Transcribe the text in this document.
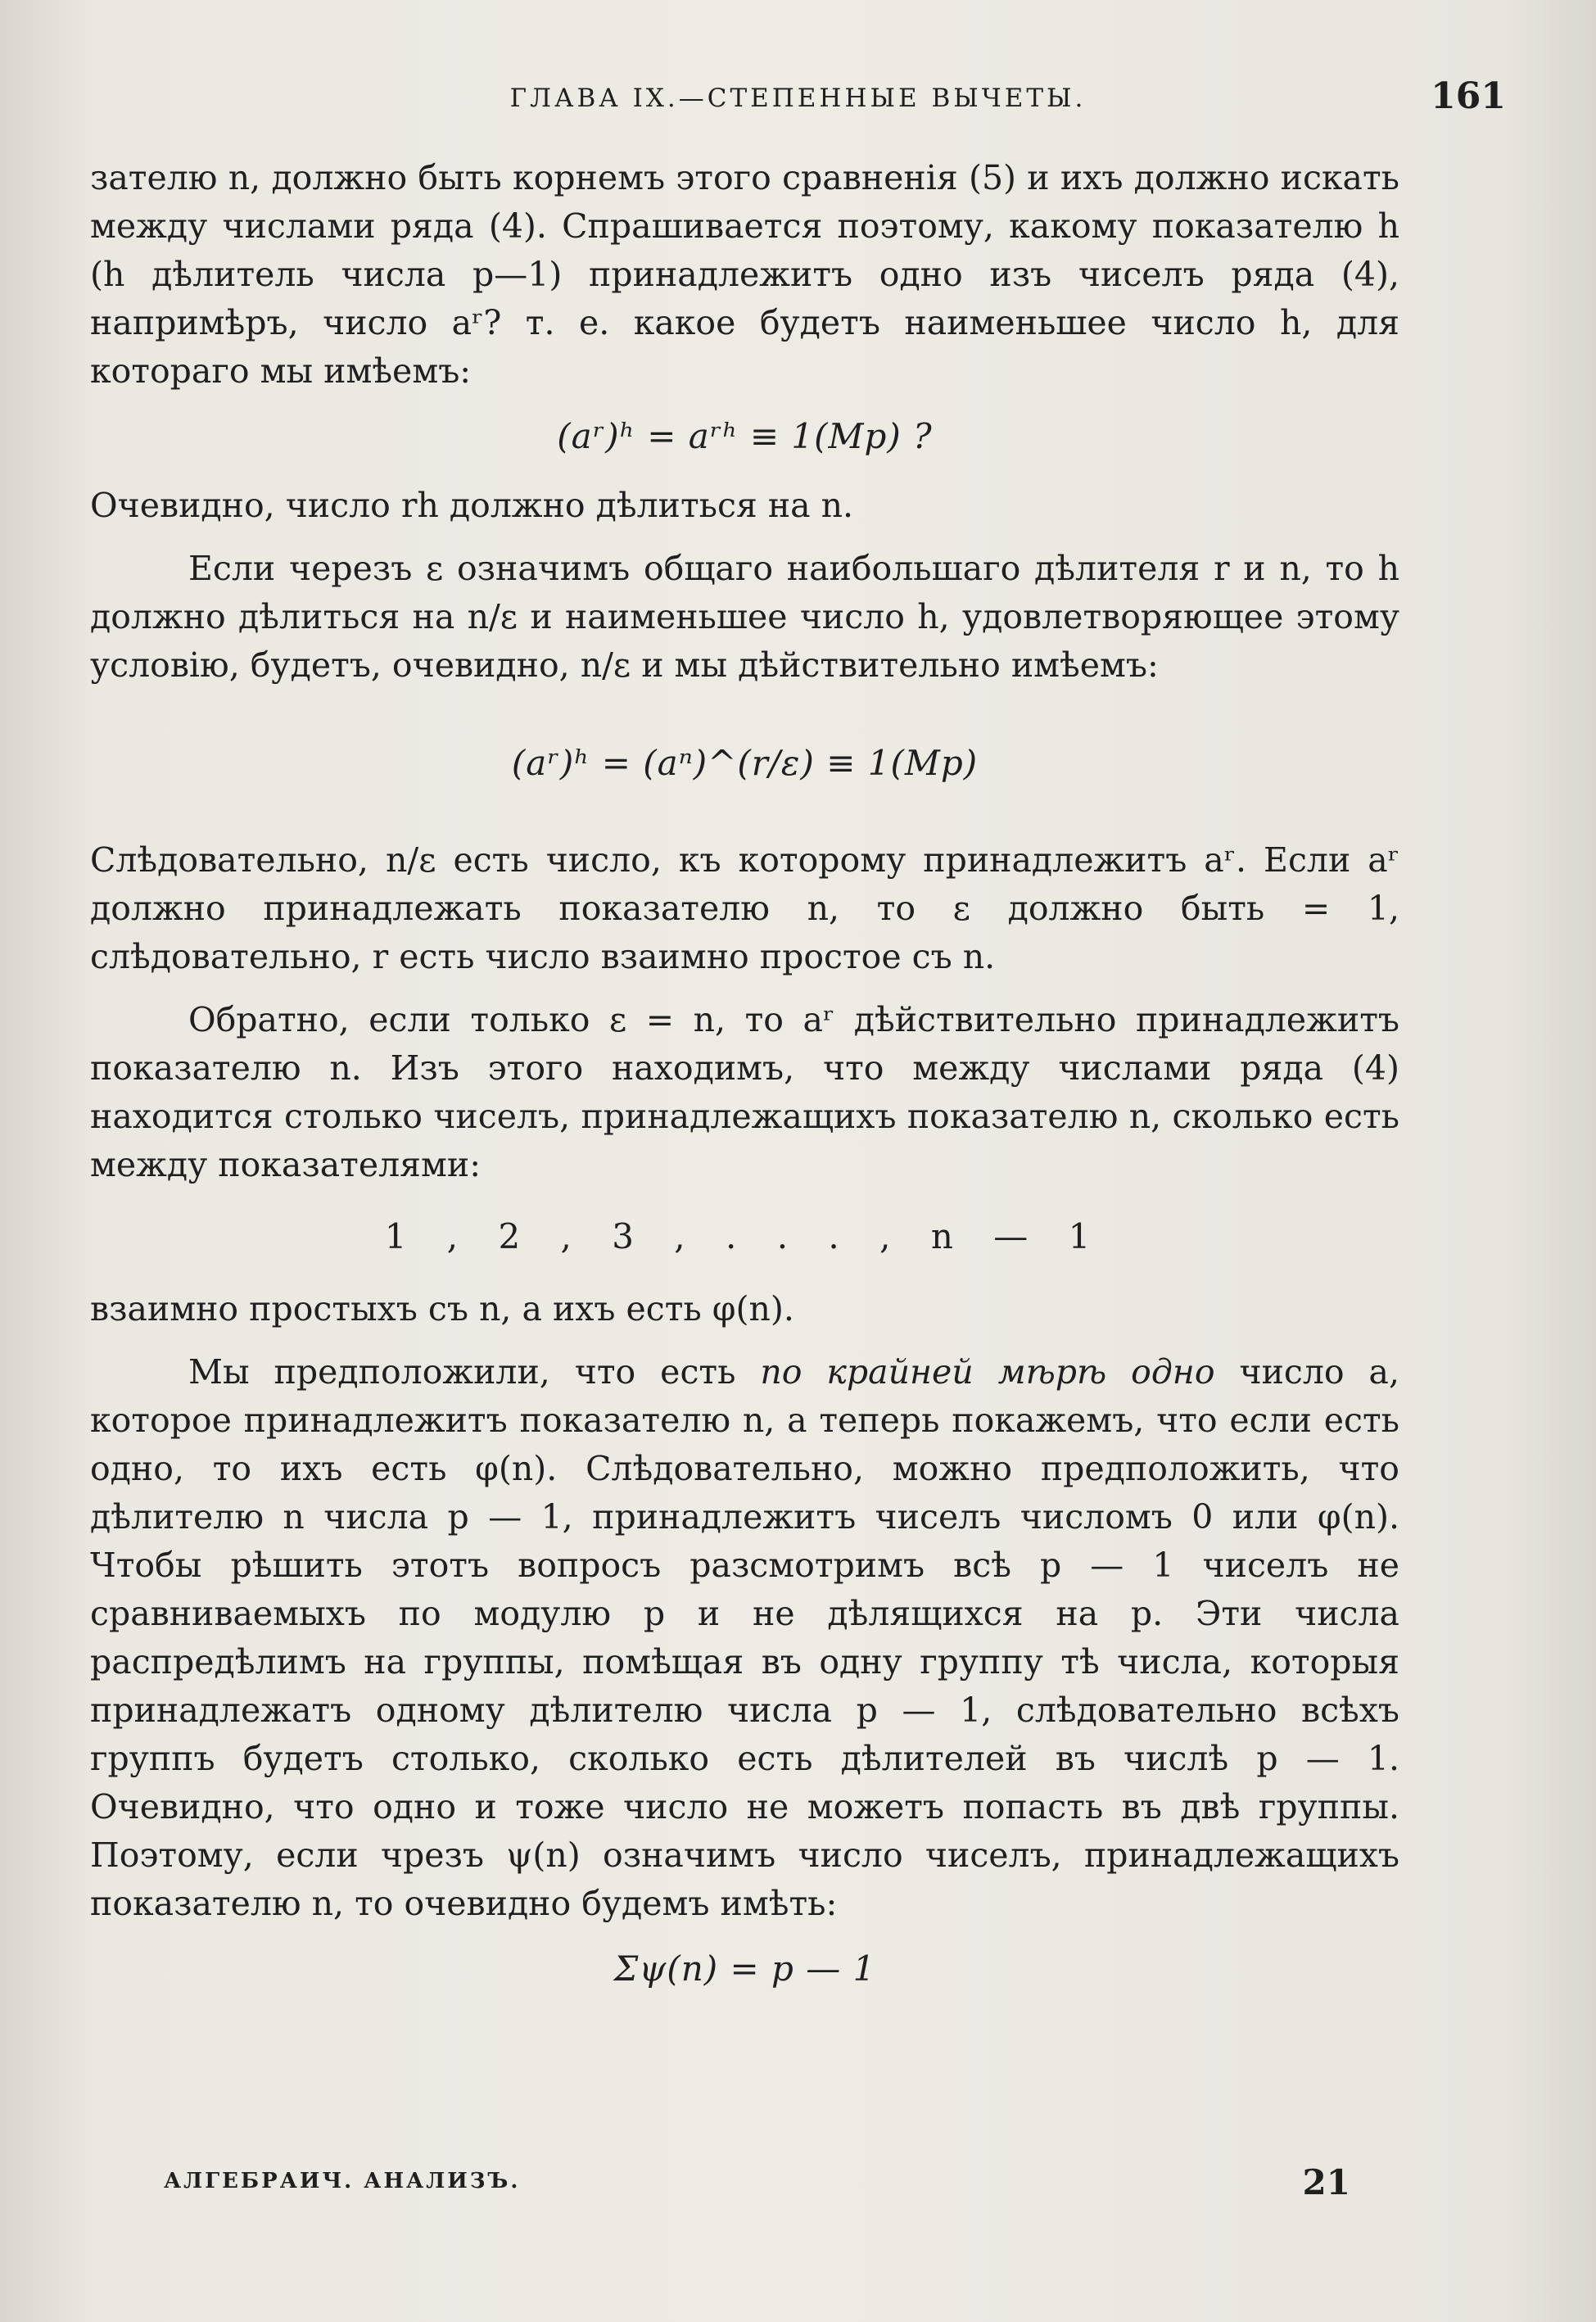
ГЛАВА IX.—СТЕПЕННЫЕ ВЫЧЕТЫ.	161

зателю n, должно быть корнемъ этого сравненія (5) и ихъ должно искать между числами ряда (4). Спрашивается поэтому, какому показателю h (h дѣлитель числа p—1) принадлежитъ одно изъ чиселъ ряда (4), напримѣръ, число aʳ? т. е. какое будетъ наименьшее число h, для котораго мы имѣемъ:

(aʳ)ʰ = aʳʰ ≡ 1(Mp) ?

Очевидно, число rh должно дѣлиться на n.

Если черезъ ε означимъ общаго наибольшаго дѣлителя r и n, то h должно дѣлиться на n/ε и наименьшее число h, удовлетворяющее этому условію, будетъ, очевидно, n/ε и мы дѣйствительно имѣемъ:

(aʳ)ʰ = (aⁿ)^(r/ε) ≡ 1(Mp)

Слѣдовательно, n/ε есть число, къ которому принадлежитъ aʳ. Если aʳ должно принадлежать показателю n, то ε должно быть = 1, слѣдовательно, r есть число взаимно простое съ n.

Обратно, если только ε = n, то aʳ дѣйствительно принадлежитъ показателю n. Изъ этого находимъ, что между числами ряда (4) находится столько чиселъ, принадлежащихъ показателю n, сколько есть между показателями:

1 , 2 , 3 , . . . , n — 1

взаимно простыхъ съ n, а ихъ есть φ(n).

Мы предположили, что есть по крайней мѣрѣ одно число a, которое принадлежитъ показателю n, а теперь покажемъ, что если есть одно, то ихъ есть φ(n). Слѣдовательно, можно предположить, что дѣлителю n числа p — 1, принадлежитъ чиселъ числомъ 0 или φ(n). Чтобы рѣшить этотъ вопросъ разсмотримъ всѣ p — 1 чиселъ не сравниваемыхъ по модулю p и не дѣлящихся на p. Эти числа распредѣлимъ на группы, помѣщая въ одну группу тѣ числа, которыя принадлежатъ одному дѣлителю числа p — 1, слѣдовательно всѣхъ группъ будетъ столько, сколько есть дѣлителей въ числѣ p — 1. Очевидно, что одно и тоже число не можетъ попасть въ двѣ группы. Поэтому, если чрезъ ψ(n) означимъ число чиселъ, принадлежащихъ показателю n, то очевидно будемъ имѣть:

Σψ(n) = p — 1
АЛГЕБРАИЧ. АНАЛИЗЪ.	21
